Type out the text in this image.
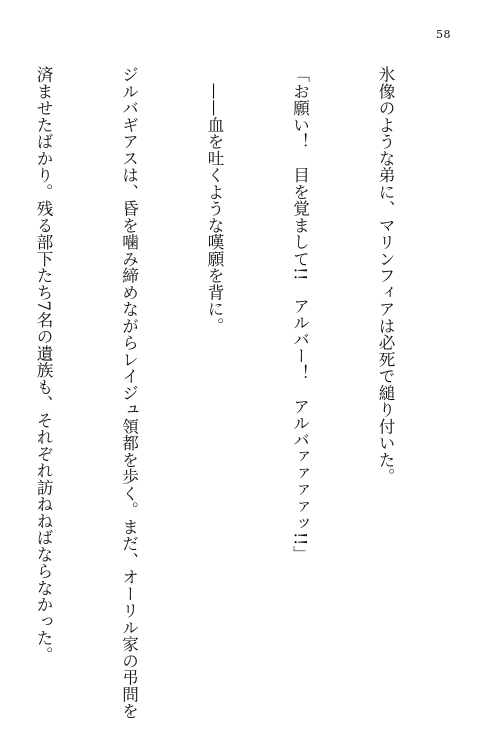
58

氷像のような弟に、マリンフィアは必死で縋り付いた。

「お願い！　目を覚まして!!　アルバー！　アルバァァァァッ!!」

　——血を吐くような嘆願を背に。

ジルバギアスは、昏を噛み締めながらレイジュ領都を歩く。まだ、オーリル家の弔問を

済ませたばかり。残る部下たち7名の遺族も、それぞれ訪ねねばならなかった。
